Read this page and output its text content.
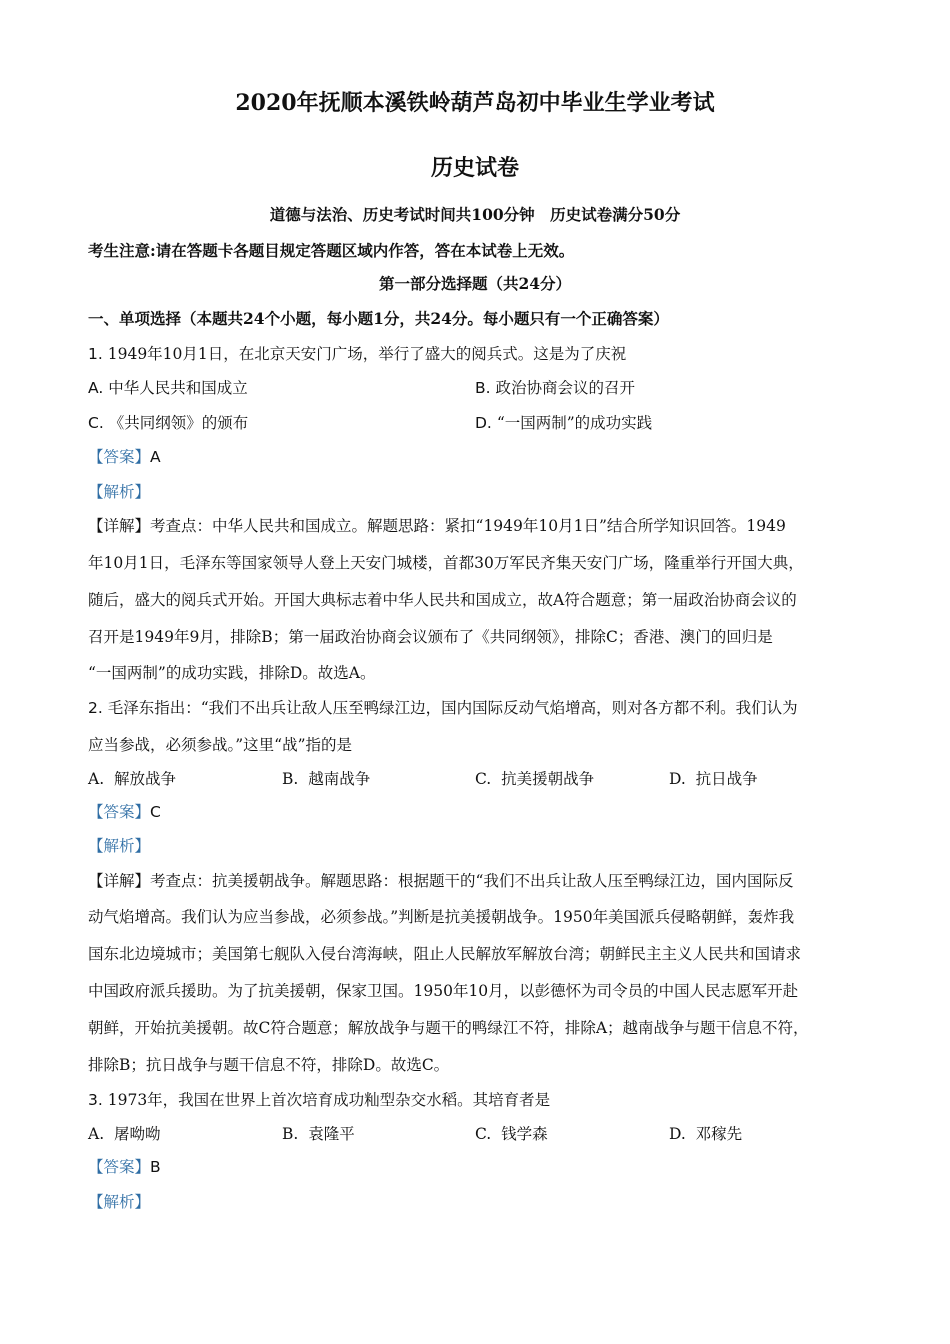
2020年抚顺本溪铁岭葫芦岛初中毕业生学业考试
历史试卷
道德与法治、历史考试时间共100分钟　历史试卷满分50分
考生注意:请在答题卡各题目规定答题区域内作答，答在本试卷上无效。
第一部分选择题（共24分）
一、单项选择（本题共24个小题，每小题1分，共24分。每小题只有一个正确答案）
1. 1949年10月1日，在北京天安门广场，举行了盛大的阅兵式。这是为了庆祝
A. 中华人民共和国成立	B. 政治协商会议的召开
C. 《共同纲领》的颁布	D. “一国两制”的成功实践
【答案】A
【解析】
【详解】考查点：中华人民共和国成立。解题思路：紧扣“1949年10月1日”结合所学知识回答。1949
年10月1日，毛泽东等国家领导人登上天安门城楼，首都30万军民齐集天安门广场，隆重举行开国大典，
随后，盛大的阅兵式开始。开国大典标志着中华人民共和国成立，故A符合题意；第一届政治协商会议的
召开是1949年9月，排除B；第一届政治协商会议颁布了《共同纲领》，排除C；香港、澳门的回归是
“一国两制”的成功实践，排除D。故选A。
2. 毛泽东指出：“我们不出兵让敌人压至鸭绿江边，国内国际反动气焰增高，则对各方都不利。我们认为
应当参战，必须参战。”这里“战”指的是
A. 解放战争	B. 越南战争	C. 抗美援朝战争	D. 抗日战争
【答案】C
【解析】
【详解】考查点：抗美援朝战争。解题思路：根据题干的“我们不出兵让敌人压至鸭绿江边，国内国际反
动气焰增高。我们认为应当参战，必须参战。”判断是抗美援朝战争。1950年美国派兵侵略朝鲜，轰炸我
国东北边境城市；美国第七舰队入侵台湾海峡，阻止人民解放军解放台湾；朝鲜民主主义人民共和国请求
中国政府派兵援助。为了抗美援朝，保家卫国。1950年10月，以彭德怀为司令员的中国人民志愿军开赴
朝鲜，开始抗美援朝。故C符合题意；解放战争与题干的鸭绿江不符，排除A；越南战争与题干信息不符，
排除B；抗日战争与题干信息不符，排除D。故选C。
3. 1973年，我国在世界上首次培育成功籼型杂交水稻。其培育者是
A. 屠呦呦	B. 袁隆平	C. 钱学森	D. 邓稼先
【答案】B
【解析】
